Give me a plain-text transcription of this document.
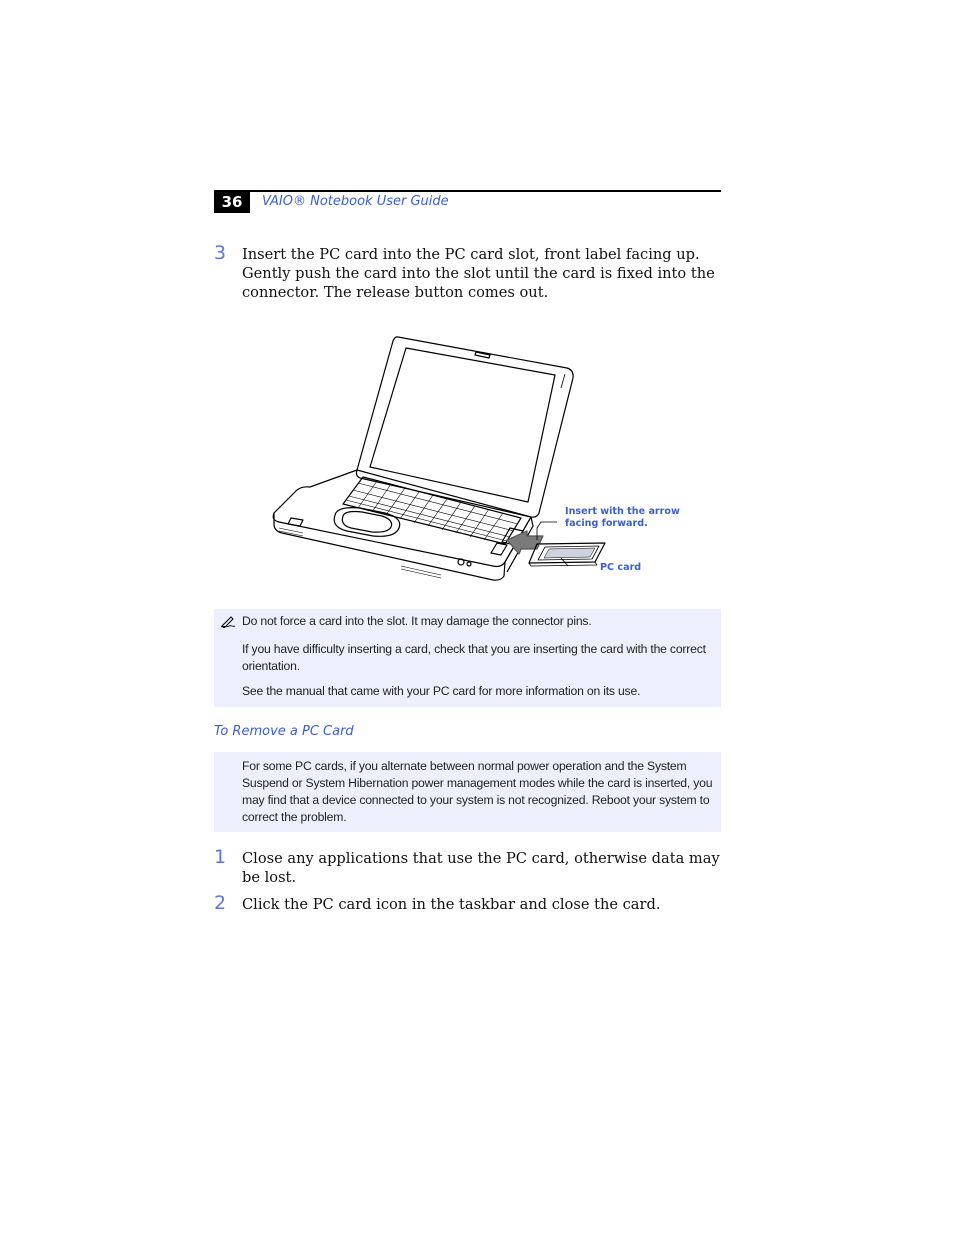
36	VAIO® Notebook User Guide
3 Insert the PC card into the PC card slot, front label facing up. Gently push the card into the slot until the card is fixed into the connector. The release button comes out.
Insert with the arrow
facing forward.
PC card

Do not force a card into the slot. It may damage the connector pins.

If you have difficulty inserting a card, check that you are inserting the card with the correct orientation.

See the manual that came with your PC card for more information on its use.

To Remove a PC Card

For some PC cards, if you alternate between normal power operation and the System Suspend or System Hibernation power management modes while the card is inserted, you may find that a device connected to your system is not recognized. Reboot your system to correct the problem.

1 Close any applications that use the PC card, otherwise data may be lost.
2 Click the PC card icon in the taskbar and close the card.
